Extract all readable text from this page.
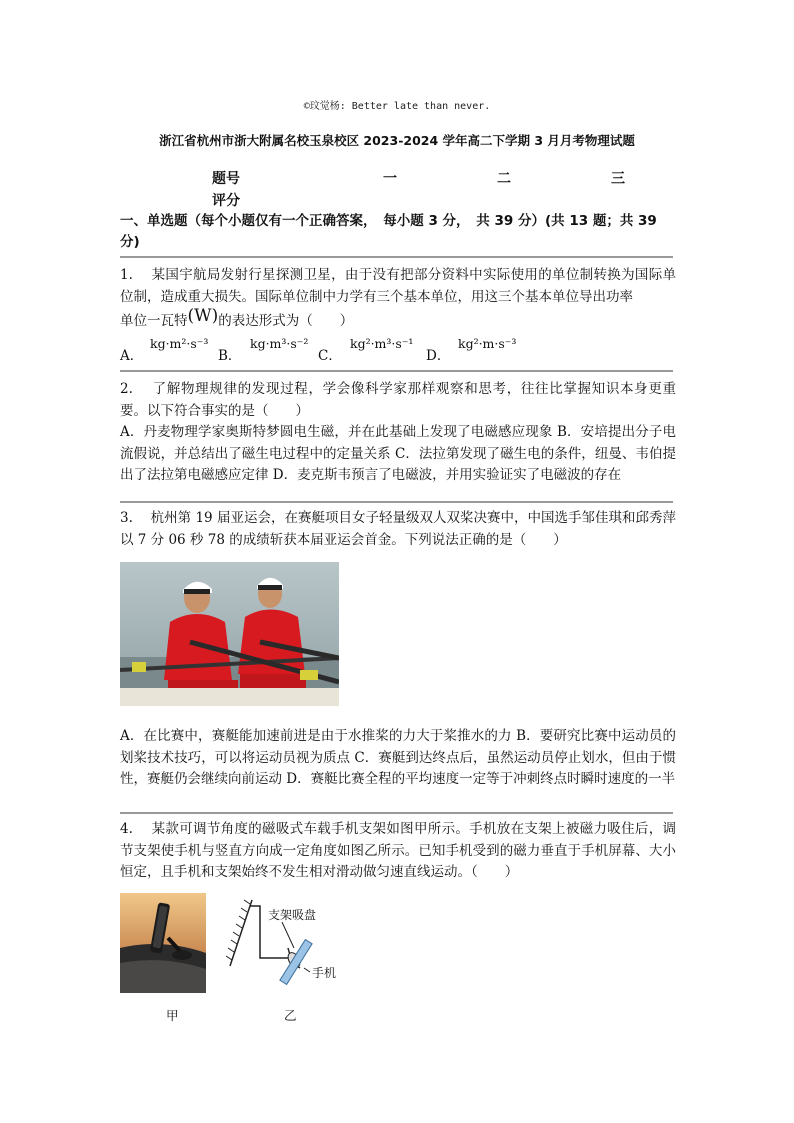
©玟觉杨: Better late than never.
浙江省杭州市浙大附属名校玉泉校区 2023-2024 学年高二下学期 3 月月考物理试题
题号	一	二	三
评分
一、单选题（每个小题仅有一个正确答案，　每小题 3 分，　共 39 分）(共 13 题；共 39 分)
1.　 某国宇航局发射行星探测卫星，由于没有把部分资料中实际使用的单位制转换为国际单位制，造成重大损失。国际单位制中力学有三个基本单位，用这三个基本单位导出功率
单位一瓦特(W)的表达形式为（　　）
A．
kg·m²·s⁻³
B．
kg·m³·s⁻²
C．
kg²·m³·s⁻¹
D．
kg²·m·s⁻³
2.　 了解物理规律的发现过程，学会像科学家那样观察和思考，往往比掌握知识本身更重要。以下符合事实的是（　　）
A．丹麦物理学家奥斯特梦圆电生磁，并在此基础上发现了电磁感应现象 B．安培提出分子电流假说，并总结出了磁生电过程中的定量关系 C．法拉第发现了磁生电的条件，纽曼、韦伯提出了法拉第电磁感应定律 D．麦克斯韦预言了电磁波，并用实验证实了电磁波的存在
3.　 杭州第 19 届亚运会，在赛艇项目女子轻量级双人双桨决赛中，中国选手邹佳琪和邱秀萍以 7 分 06 秒 78 的成绩斩获本届亚运会首金。下列说法正确的是（　　）
A．在比赛中，赛艇能加速前进是由于水推桨的力大于桨推水的力 B．要研究比赛中运动员的划桨技术技巧，可以将运动员视为质点 C．赛艇到达终点后，虽然运动员停止划水，但由于惯性，赛艇仍会继续向前运动 D．赛艇比赛全程的平均速度一定等于冲刺终点时瞬时速度的一半
4.　 某款可调节角度的磁吸式车载手机支架如图甲所示。手机放在支架上被磁力吸住后，调节支架使手机与竖直方向成一定角度如图乙所示。已知手机受到的磁力垂直于手机屏幕、大小恒定，且手机和支架始终不发生相对滑动做匀速直线运动。（　　）
甲
支架吸盘
手机
乙
